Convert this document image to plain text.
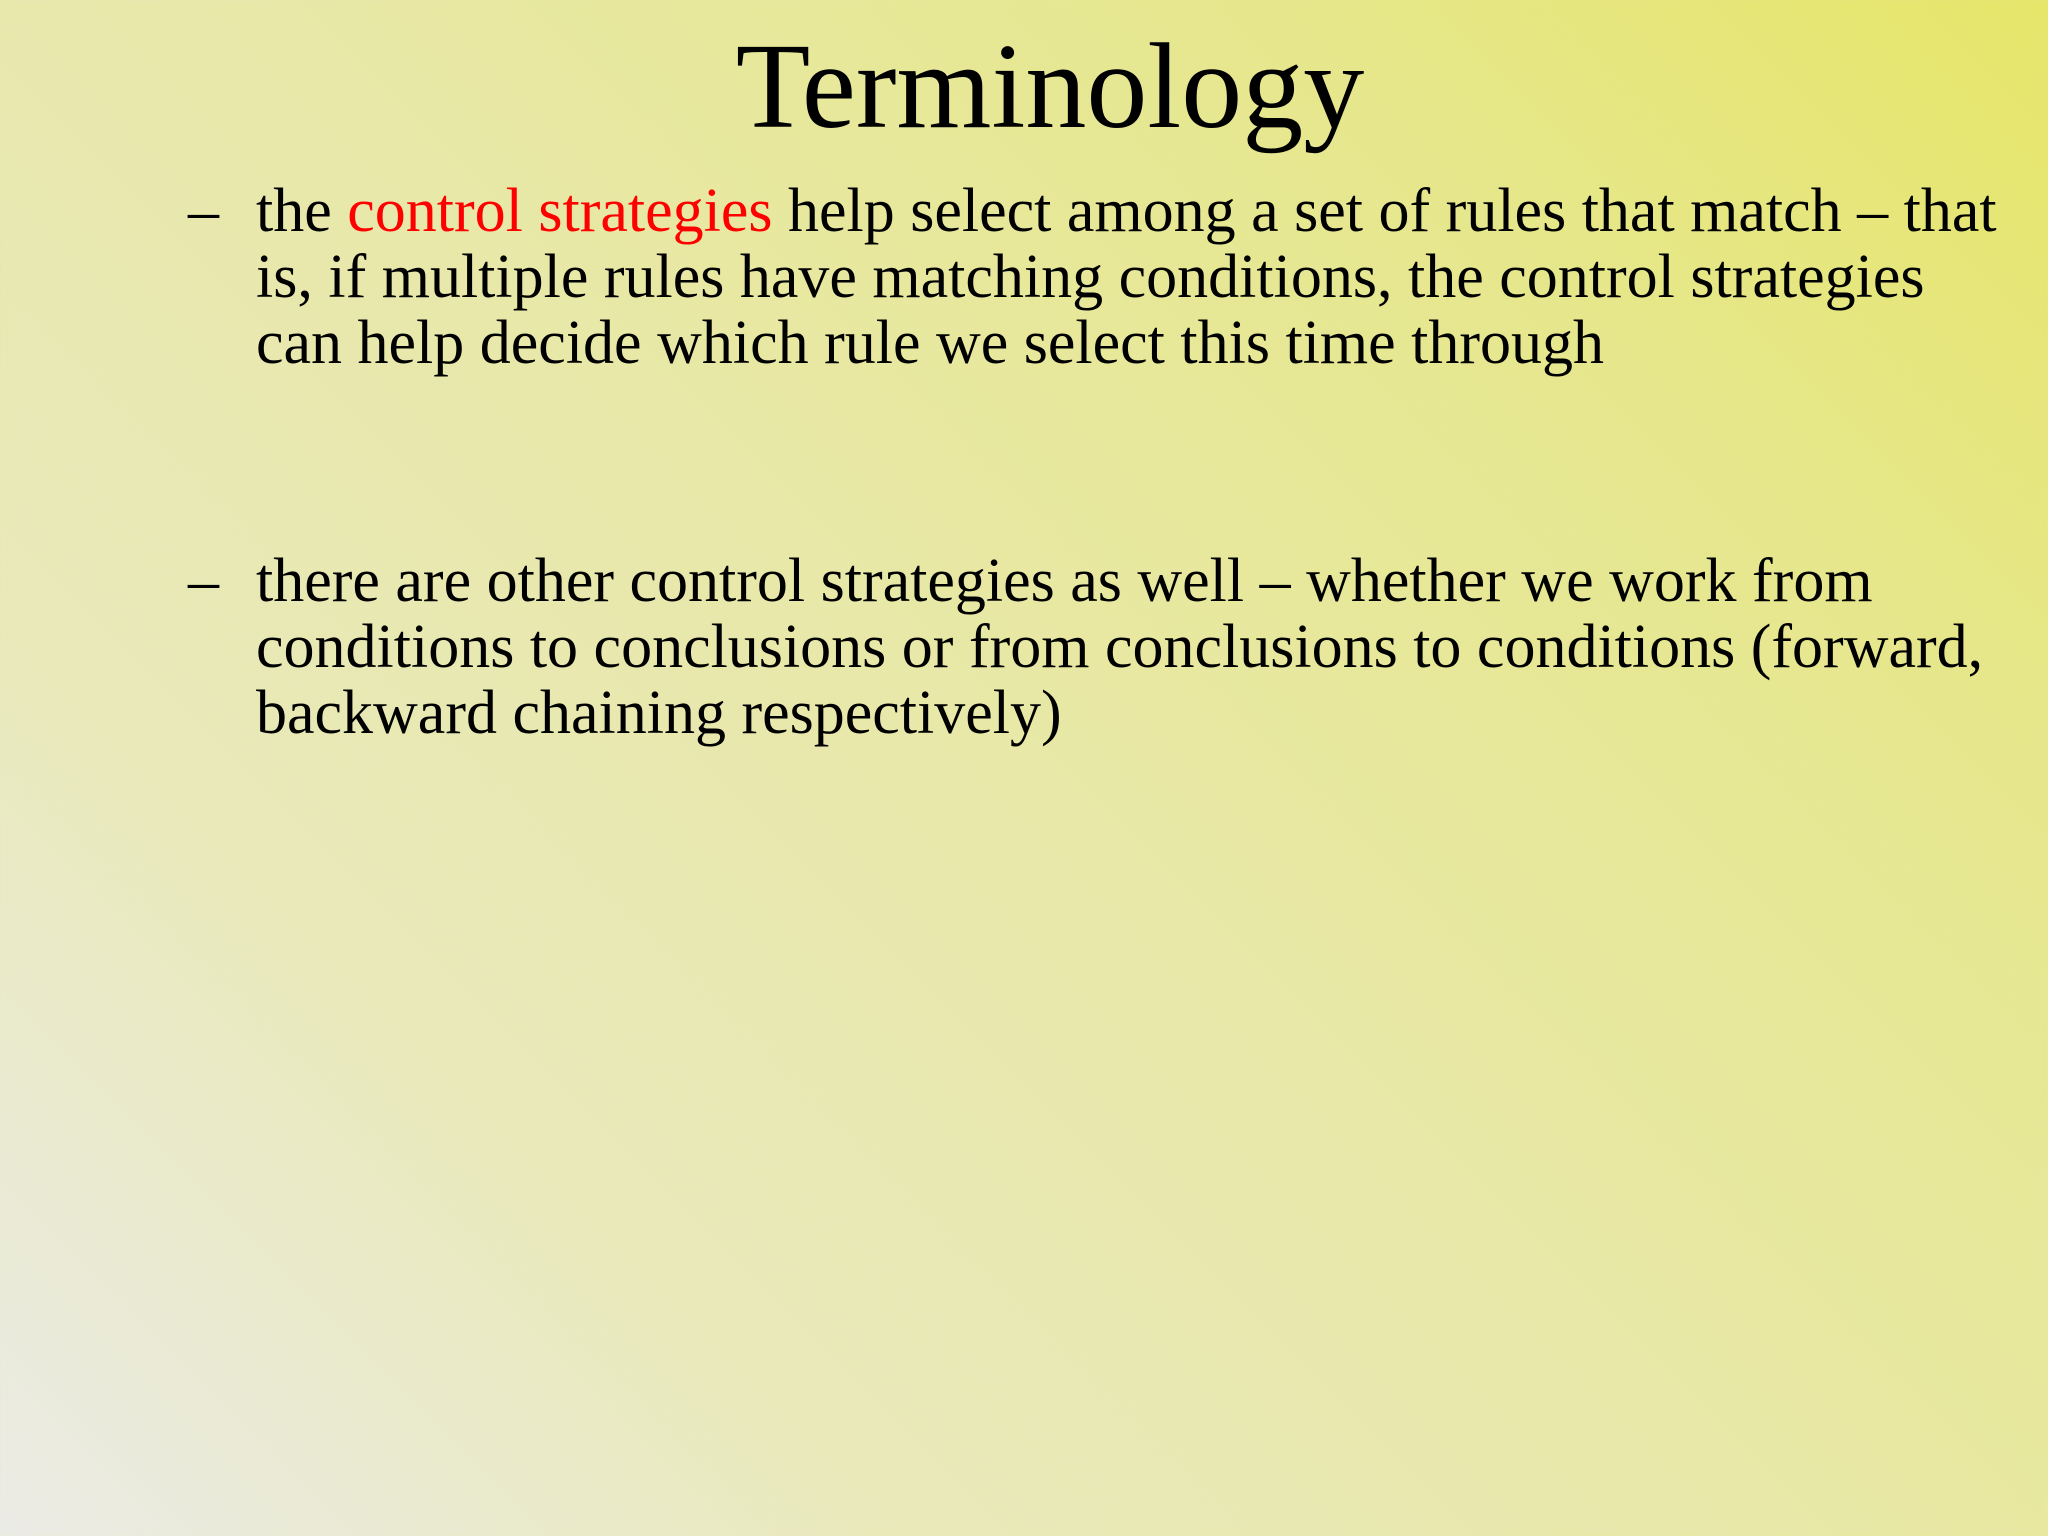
Terminology
– the control strategies help select among a set of rules that match – that is, if multiple rules have matching conditions, the control strategies can help decide which rule we select this time through

– there are other control strategies as well – whether we work from conditions to conclusions or from conclusions to conditions (forward, backward chaining respectively)
